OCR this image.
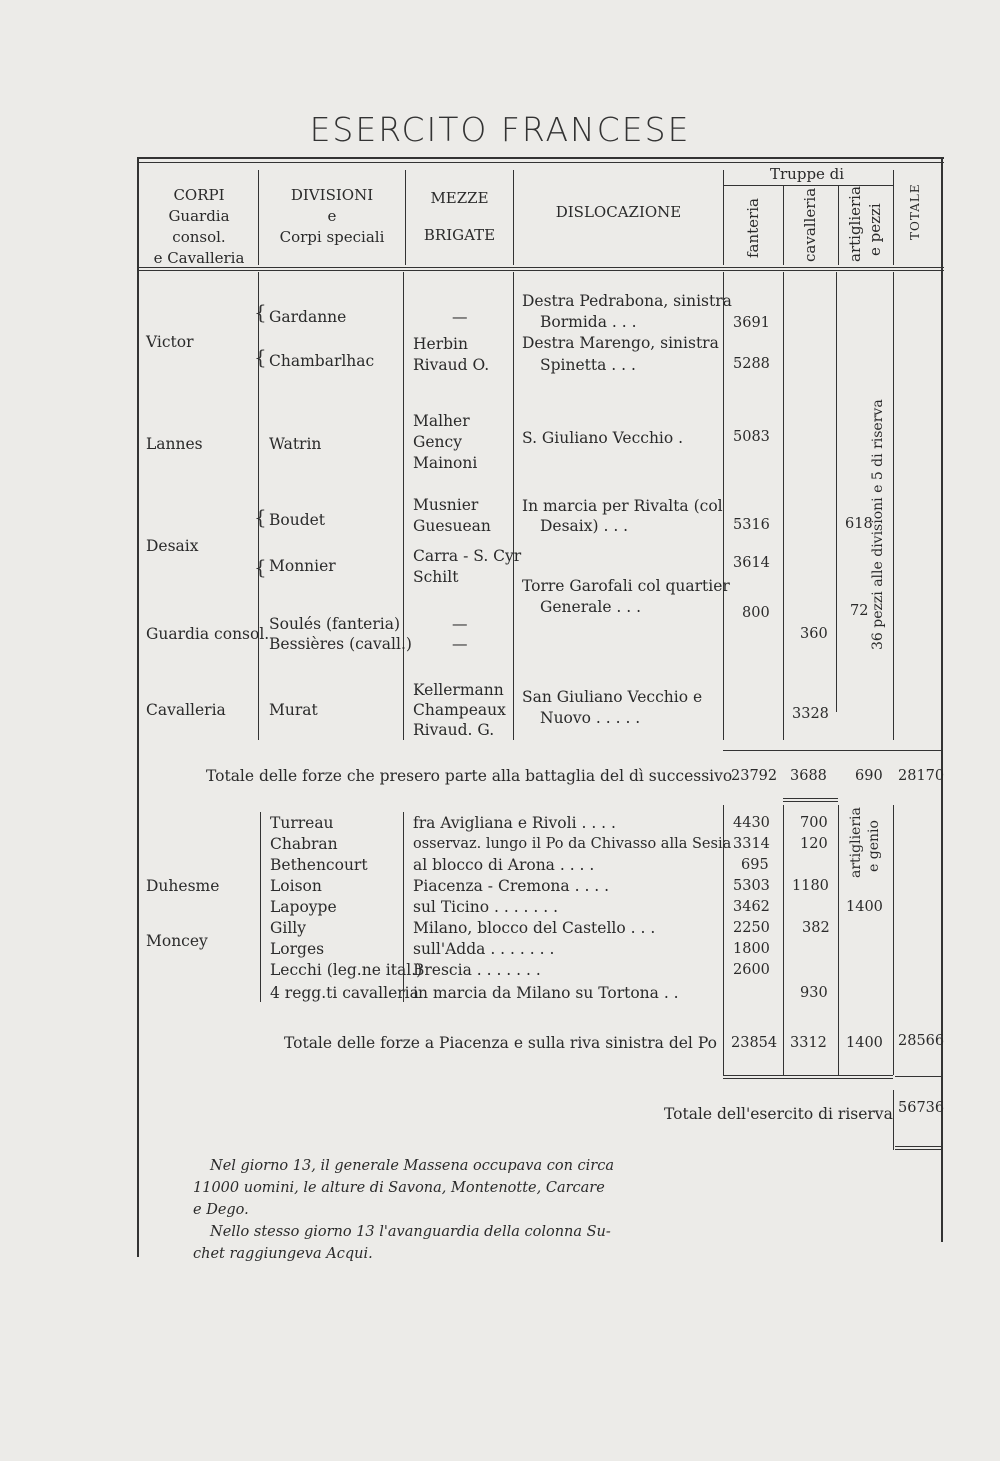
ESERCITO FRANCESE
CORPI
Guardia consol.
e Cavalleria
DIVISIONI
e
Corpi speciali
MEZZE
BRIGATE
DISLOCAZIONE
Truppe di
fanteria	cavalleria artiglieria e pezzi TOTALE
Victor
Lannes
Desaix
Guardia consol.
Cavalleria
{
{
Gardanne
Chambarlhac
Watrin
{
{
Boudet
Monnier
Soulés (fanteria)
Bessières (cavall.)
Murat
—
Herbin
Rivaud O.
Malher
Gency
Mainoni
Musnier
Guesuean
Carra - S. Cyr
Schilt
—
—
Kellermann
Champeaux
Rivaud. G.
Destra Pedrabona, sinistra
Bormida . . .
Destra Marengo, sinistra
Spinetta . . .
S. Giuliano Vecchio .
In marcia per Rivalta (col
Desaix) . . .
Torre Garofali col quartier
Generale . . .
San Giuliano Vecchio e
Nuovo . . . . .
3691
5288
5083
5316
3614
800
360
3328
618
72 36 pezzi alle divisioni e 5 di riserva
Totale delle forze che presero parte alla battaglia del dì successivo
23792 3688 690 28170
Duhesme
Moncey
Turreau
Chabran
Bethencourt
Loison
Lapoype
Gilly
Lorges
Lecchi (leg.ne ital.)
4 regg.ti cavalleria
fra Avigliana e Rivoli . . . .
osservaz. lungo il Po da Chivasso alla Sesia
al blocco di Arona . . . .
Piacenza - Cremona . . . .
sul Ticino . . . . . . .
Milano, blocco del Castello . . .
sull'Adda . . . . . . .
Brescia . . . . . . .
in marcia da Milano su Tortona . .
4430
3314
695
5303
3462
2250
1800
2600
700
120
1180
382
930
artiglieria e genio
1400
Totale delle forze a Piacenza e sulla riva sinistra del Po 23854 3312 1400 28566
Totale dell'esercito di riserva 56736
Nel giorno 13, il generale Massena occupava con circa
11000 uomini, le alture di Savona, Montenotte, Carcare
e Dego.
Nello stesso giorno 13 l'avanguardia della colonna Su-
chet raggiungeva Acqui.
